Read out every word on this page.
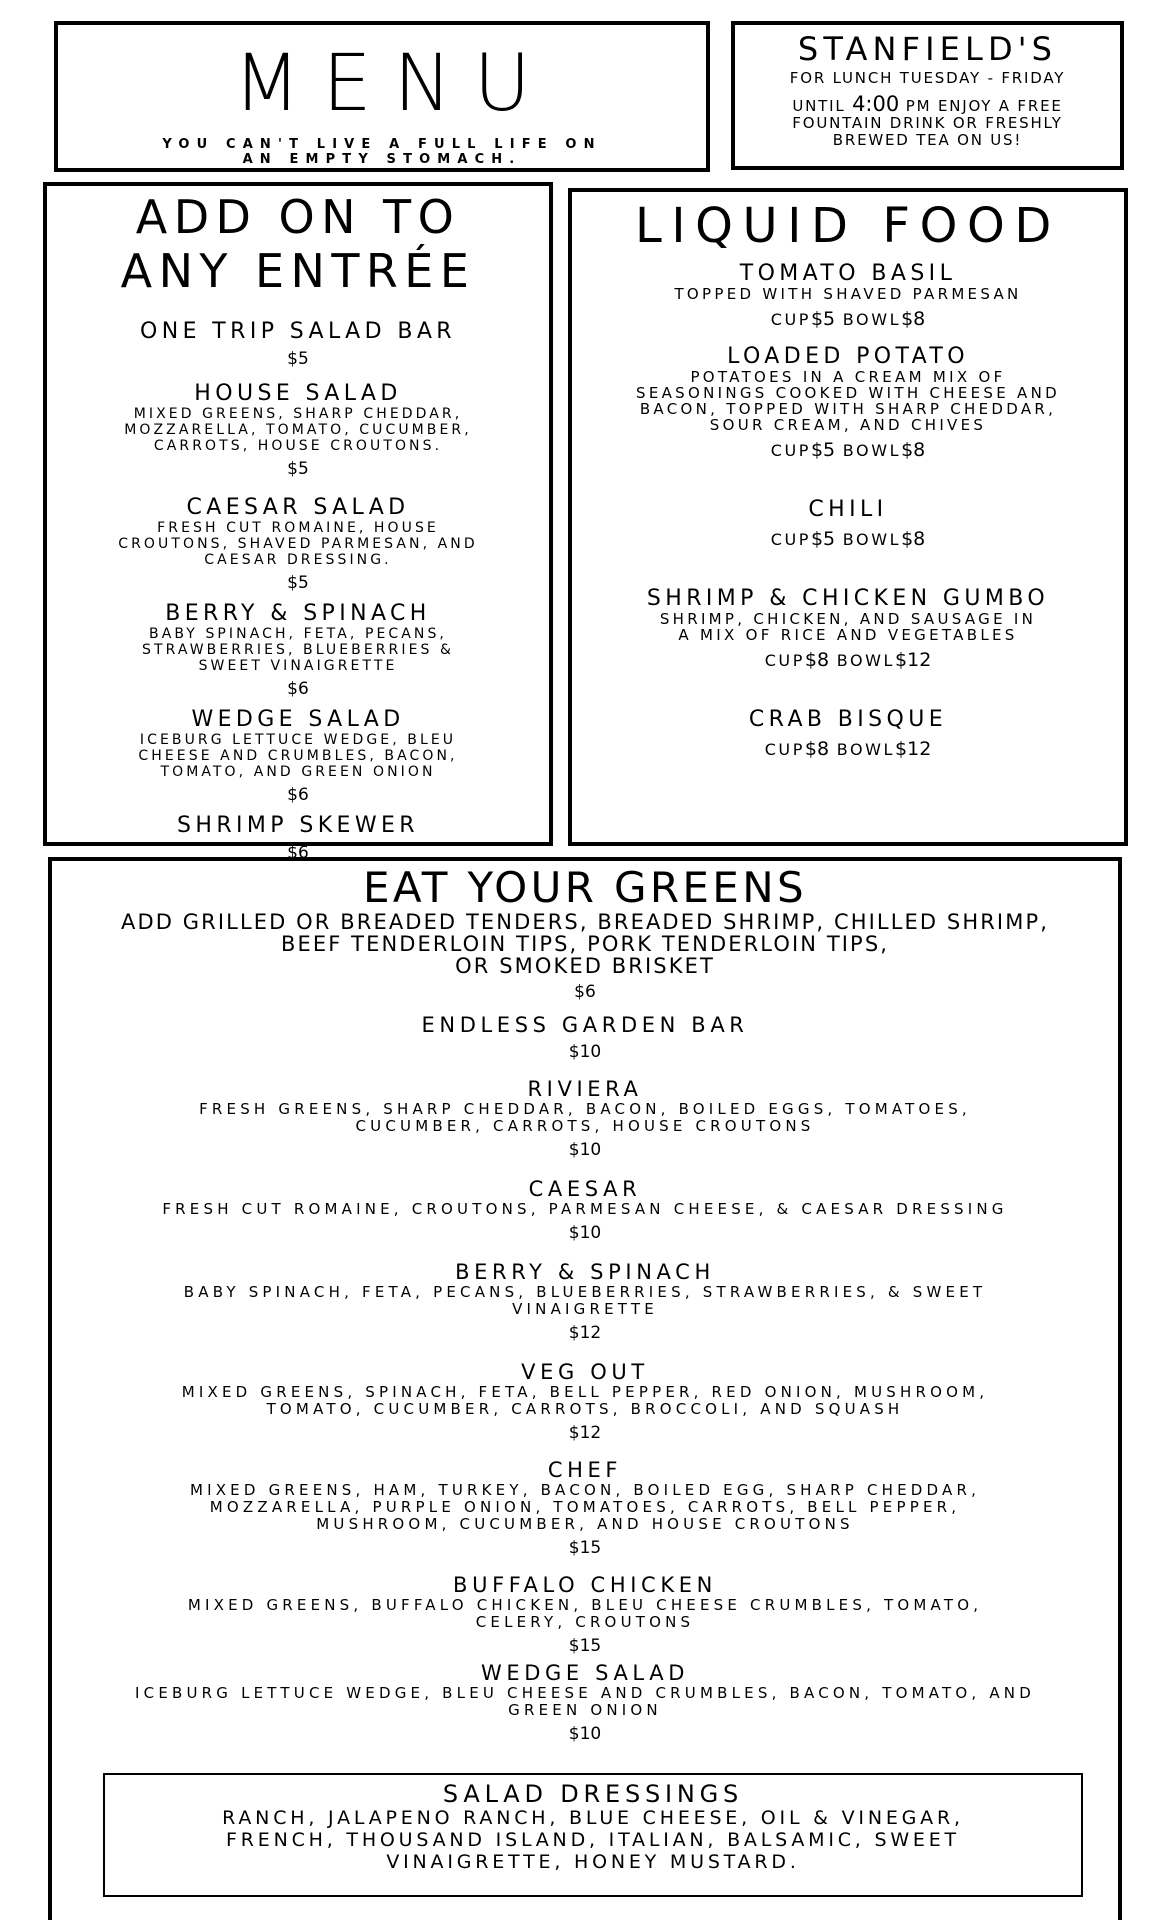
MENU
YOU CAN'T LIVE A FULL LIFE ON
AN EMPTY STOMACH.
STANFIELD'S
FOR LUNCH TUESDAY - FRIDAY
UNTIL 4:00 PM ENJOY A FREE
FOUNTAIN DRINK OR FRESHLY
BREWED TEA ON US!
ADD ON TO
ANY ENTRÉE
ONE TRIP SALAD BAR
$5
HOUSE SALAD
MIXED GREENS, SHARP CHEDDAR,
MOZZARELLA, TOMATO, CUCUMBER,
CARROTS, HOUSE CROUTONS.
$5
CAESAR SALAD
FRESH CUT ROMAINE, HOUSE
CROUTONS, SHAVED PARMESAN, AND
CAESAR DRESSING.
$5
BERRY & SPINACH
BABY SPINACH, FETA, PECANS,
STRAWBERRIES, BLUEBERRIES &
SWEET VINAIGRETTE
$6
WEDGE SALAD
ICEBURG LETTUCE WEDGE, BLEU
CHEESE AND CRUMBLES, BACON,
TOMATO, AND GREEN ONION
$6
SHRIMP SKEWER
$6
LIQUID FOOD
TOMATO BASIL
TOPPED WITH SHAVED PARMESAN
CUP$5 BOWL$8
LOADED POTATO
POTATOES IN A CREAM MIX OF
SEASONINGS COOKED WITH CHEESE AND
BACON, TOPPED WITH SHARP CHEDDAR,
SOUR CREAM, AND CHIVES
CUP$5 BOWL$8
CHILI
CUP$5 BOWL$8
SHRIMP & CHICKEN GUMBO
SHRIMP, CHICKEN, AND SAUSAGE IN
A MIX OF RICE AND VEGETABLES
CUP$8 BOWL$12
CRAB BISQUE
CUP$8 BOWL$12
EAT YOUR GREENS
ADD GRILLED OR BREADED TENDERS, BREADED SHRIMP, CHILLED SHRIMP,
BEEF TENDERLOIN TIPS, PORK TENDERLOIN TIPS,
OR SMOKED BRISKET
$6
ENDLESS GARDEN BAR
$10
RIVIERA
FRESH GREENS, SHARP CHEDDAR, BACON, BOILED EGGS, TOMATOES,
CUCUMBER, CARROTS, HOUSE CROUTONS
$10
CAESAR
FRESH CUT ROMAINE, CROUTONS, PARMESAN CHEESE, & CAESAR DRESSING
$10
BERRY & SPINACH
BABY SPINACH, FETA, PECANS, BLUEBERRIES, STRAWBERRIES, & SWEET
VINAIGRETTE
$12
VEG OUT
MIXED GREENS, SPINACH, FETA, BELL PEPPER, RED ONION, MUSHROOM,
TOMATO, CUCUMBER, CARROTS, BROCCOLI, AND SQUASH
$12
CHEF
MIXED GREENS, HAM, TURKEY, BACON, BOILED EGG, SHARP CHEDDAR,
MOZZARELLA, PURPLE ONION, TOMATOES, CARROTS, BELL PEPPER,
MUSHROOM, CUCUMBER, AND HOUSE CROUTONS
$15
BUFFALO CHICKEN
MIXED GREENS, BUFFALO CHICKEN, BLEU CHEESE CRUMBLES, TOMATO,
CELERY, CROUTONS
$15
WEDGE SALAD
ICEBURG LETTUCE WEDGE, BLEU CHEESE AND CRUMBLES, BACON, TOMATO, AND
GREEN ONION
$10
SALAD DRESSINGS
RANCH, JALAPENO RANCH, BLUE CHEESE, OIL & VINEGAR,
FRENCH, THOUSAND ISLAND, ITALIAN, BALSAMIC, SWEET
VINAIGRETTE, HONEY MUSTARD.
